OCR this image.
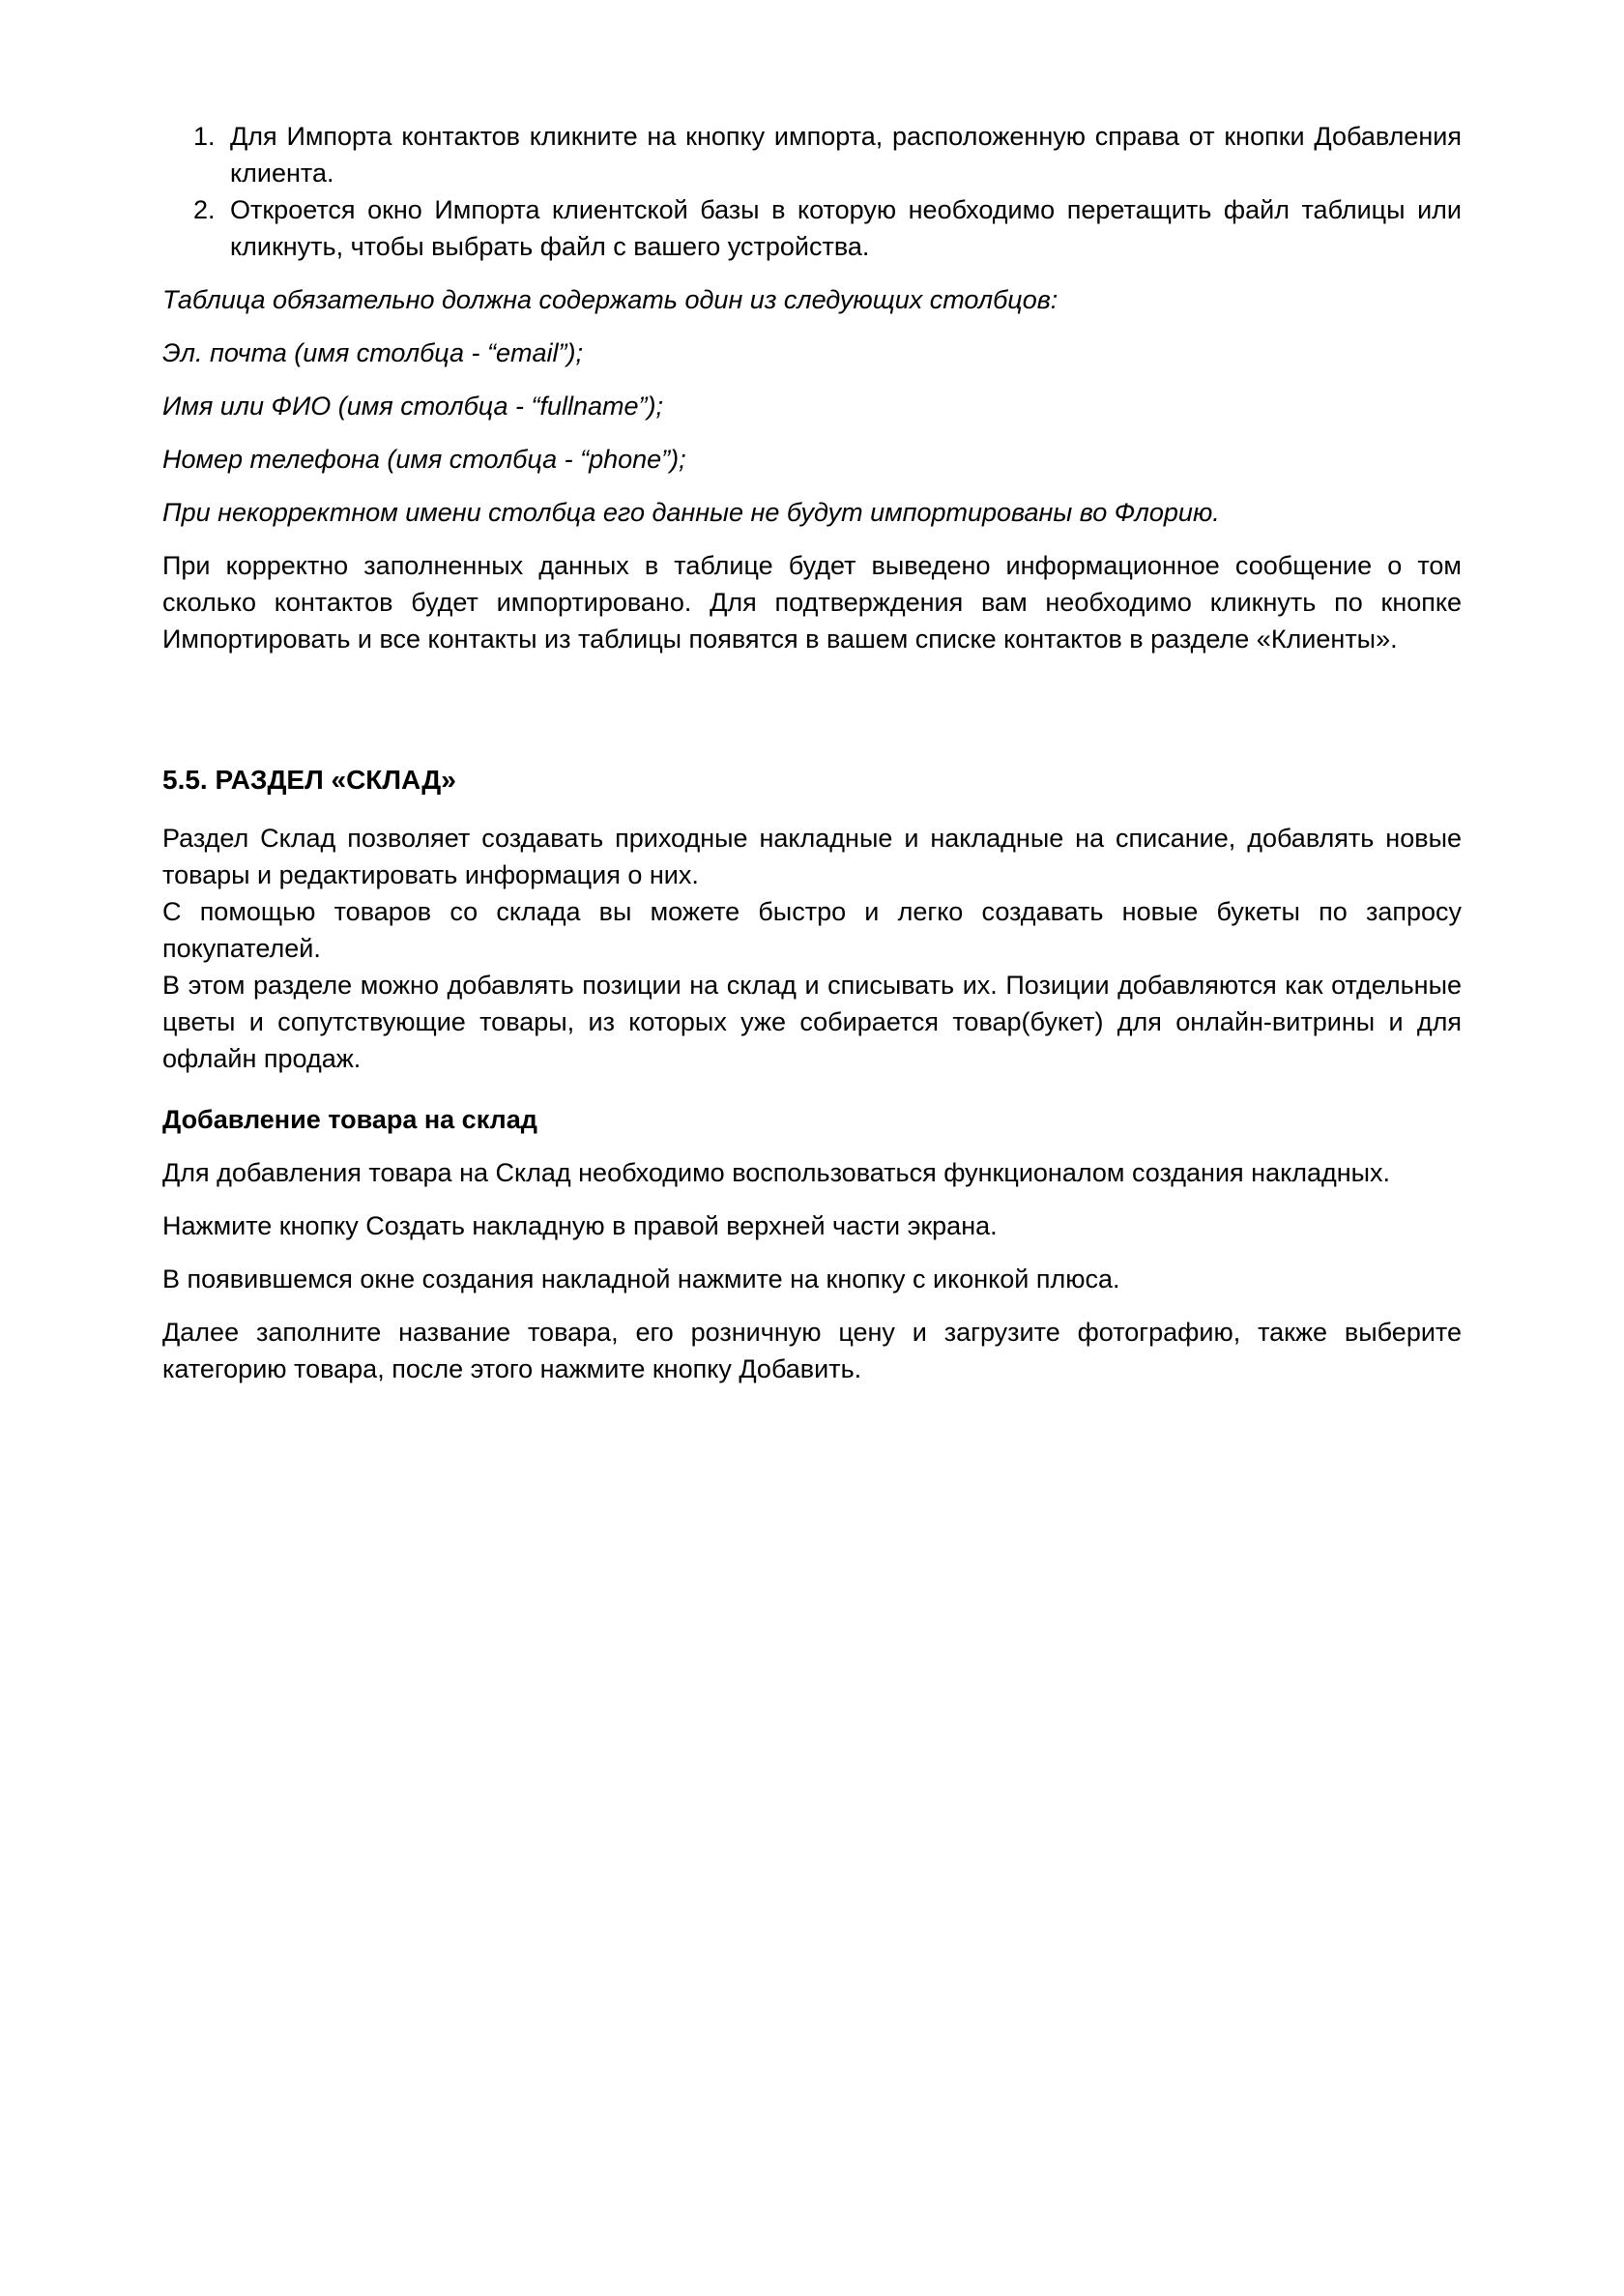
1. Для Импорта контактов кликните на кнопку импорта, расположенную справа от кнопки Добавления клиента.
2. Откроется окно Импорта клиентской базы в которую необходимо перетащить файл таблицы или кликнуть, чтобы выбрать файл с вашего устройства.

Таблица обязательно должна содержать один из следующих столбцов:

Эл. почта (имя столбца - “email”);

Имя или ФИО (имя столбца - “fullname”);

Номер телефона (имя столбца - “phone”);

При некорректном имени столбца его данные не будут импортированы во Флорию.

При корректно заполненных данных в таблице будет выведено информационное сообщение о том сколько контактов будет импортировано. Для подтверждения вам необходимо кликнуть по кнопке Импортировать и все контакты из таблицы появятся в вашем списке контактов в разделе «Клиенты».

5.5. РАЗДЕЛ «СКЛАД»

Раздел Склад позволяет создавать приходные накладные и накладные на списание, добавлять новые товары и редактировать информация о них.

С помощью товаров со склада вы можете быстро и легко создавать новые букеты по запросу покупателей.

В этом разделе можно добавлять позиции на склад и списывать их. Позиции добавляются как отдельные цветы и сопутствующие товары, из которых уже собирается товар(букет) для онлайн-витрины и для офлайн продаж.

Добавление товара на склад

Для добавления товара на Склад необходимо воспользоваться функционалом создания накладных.

Нажмите кнопку Создать накладную в правой верхней части экрана.

В появившемся окне создания накладной нажмите на кнопку с иконкой плюса.

Далее заполните название товара, его розничную цену и загрузите фотографию, также выберите категорию товара, после этого нажмите кнопку Добавить.
